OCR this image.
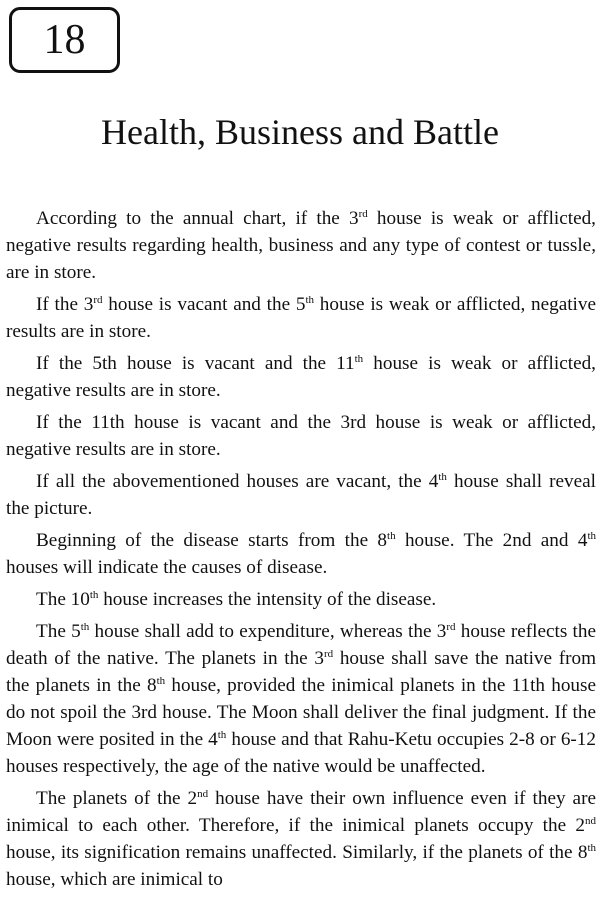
18
Health, Business and Battle

According to the annual chart, if the 3rd house is weak or afflicted, negative results regarding health, business and any type of contest or tussle, are in store.

If the 3rd house is vacant and the 5th house is weak or afflicted, negative results are in store.

If the 5th house is vacant and the 11th house is weak or afflicted, negative results are in store.

If the 11th house is vacant and the 3rd house is weak or afflicted, negative results are in store.

If all the abovementioned houses are vacant, the 4th house shall reveal the picture.

Beginning of the disease starts from the 8th house. The 2nd and 4th houses will indicate the causes of disease.

The 10th house increases the intensity of the disease.

The 5th house shall add to expenditure, whereas the 3rd house reflects the death of the native. The planets in the 3rd house shall save the native from the planets in the 8th house, provided the inimical planets in the 11th house do not spoil the 3rd house. The Moon shall deliver the final judgment. If the Moon were posited in the 4th house and that Rahu-Ketu occupies 2-8 or 6-12 houses respectively, the age of the native would be unaffected.

The planets of the 2nd house have their own influence even if they are inimical to each other. Therefore, if the inimical planets occupy the 2nd house, its signification remains unaffected. Similarly, if the planets of the 8th house, which are inimical to
